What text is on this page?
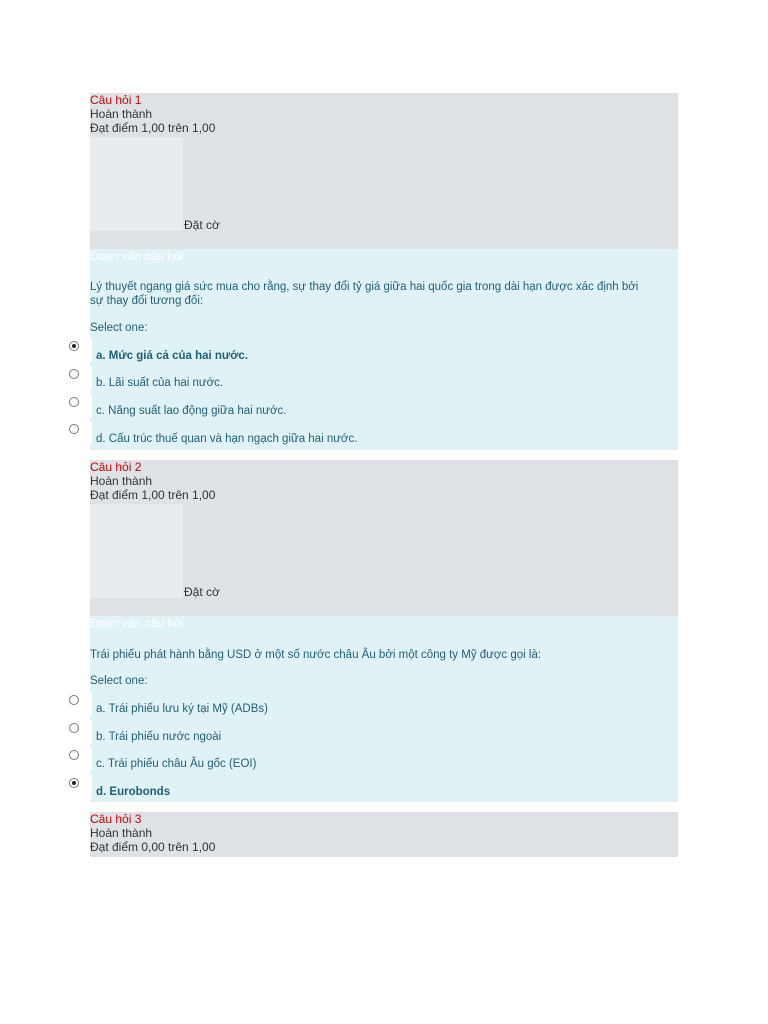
Câu hỏi 1
Hoàn thành
Đạt điểm 1,00 trên 1,00
Đặt cờ
Đoạn văn câu hỏi
Lý thuyết ngang giá sức mua cho rằng, sự thay đổi tỷ giá giữa hai quốc gia trong dài hạn được xác định bởi
sự thay đổi tương đối:
Select one:
a. Mức giá cả của hai nước.
b. Lãi suất của hai nước.
c. Năng suất lao động giữa hai nước.
d. Cấu trúc thuế quan và hạn ngạch giữa hai nước.
Câu hỏi 2
Hoàn thành
Đạt điểm 1,00 trên 1,00
Đặt cờ
Đoạn văn câu hỏi
Trái phiếu phát hành bằng USD ở một số nước châu Âu bởi một công ty Mỹ được gọi là:
Select one:
a. Trái phiếu lưu ký tại Mỹ (ADBs)
b. Trái phiếu nước ngoài
c. Trái phiếu châu Âu gốc (EOI)
d. Eurobonds
Câu hỏi 3
Hoàn thành
Đạt điểm 0,00 trên 1,00
